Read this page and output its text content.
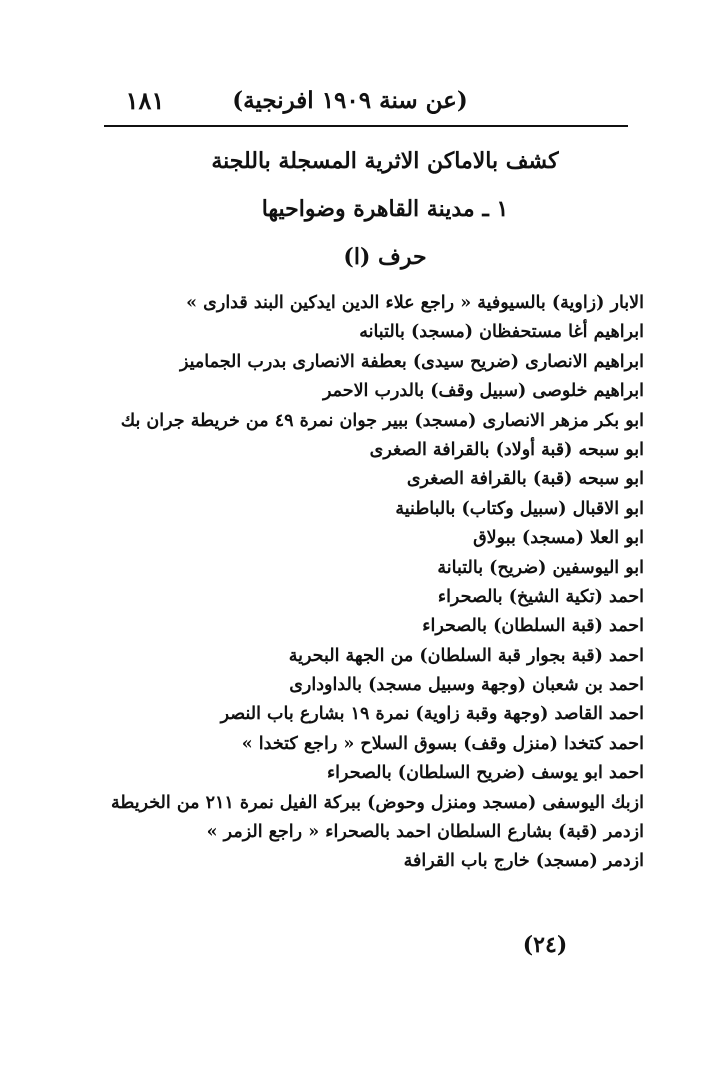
(عن سنة ١٩٠٩ افرنجية)
١٨١
كشف بالاماكن الاثرية المسجلة باللجنة
١ ـ مدينة القاهرة وضواحيها
حرف (ا)
الابار (زاوية) بالسيوفية « راجع علاء الدين ايدكين البند قدارى »
ابراهيم أغا مستحفظان (مسجد) بالتبانه
ابراهيم الانصارى (ضريح سيدى) بعطفة الانصارى بدرب الجماميز
ابراهيم خلوصى (سبيل وقف) بالدرب الاحمر
ابو بكر مزهر الانصارى (مسجد) ببير جوان نمرة ٤٩ من خريطة جران بك
ابو سبحه (قبة أولاد) بالقرافة الصغرى
ابو سبحه (قبة) بالقرافة الصغرى
ابو الاقبال (سبيل وكتاب) بالباطنية
ابو العلا (مسجد) ببولاق
ابو اليوسفين (ضريح) بالتبانة
احمد (تكية الشيخ) بالصحراء
احمد (قبة السلطان) بالصحراء
احمد (قبة بجوار قبة السلطان) من الجهة البحرية
احمد بن شعبان (وجهة وسبيل مسجد) بالداودارى
احمد القاصد (وجهة وقبة زاوية) نمرة ١٩ بشارع باب النصر
احمد كتخدا (منزل وقف) بسوق السلاح « راجع كتخدا »
احمد ابو يوسف (ضريح السلطان) بالصحراء
ازبك اليوسفى (مسجد ومنزل وحوض) ببركة الفيل نمرة ٢١١ من الخريطة
ازدمر (قبة) بشارع السلطان احمد بالصحراء « راجع الزمر »
ازدمر (مسجد) خارج باب القرافة
(٢٤)
